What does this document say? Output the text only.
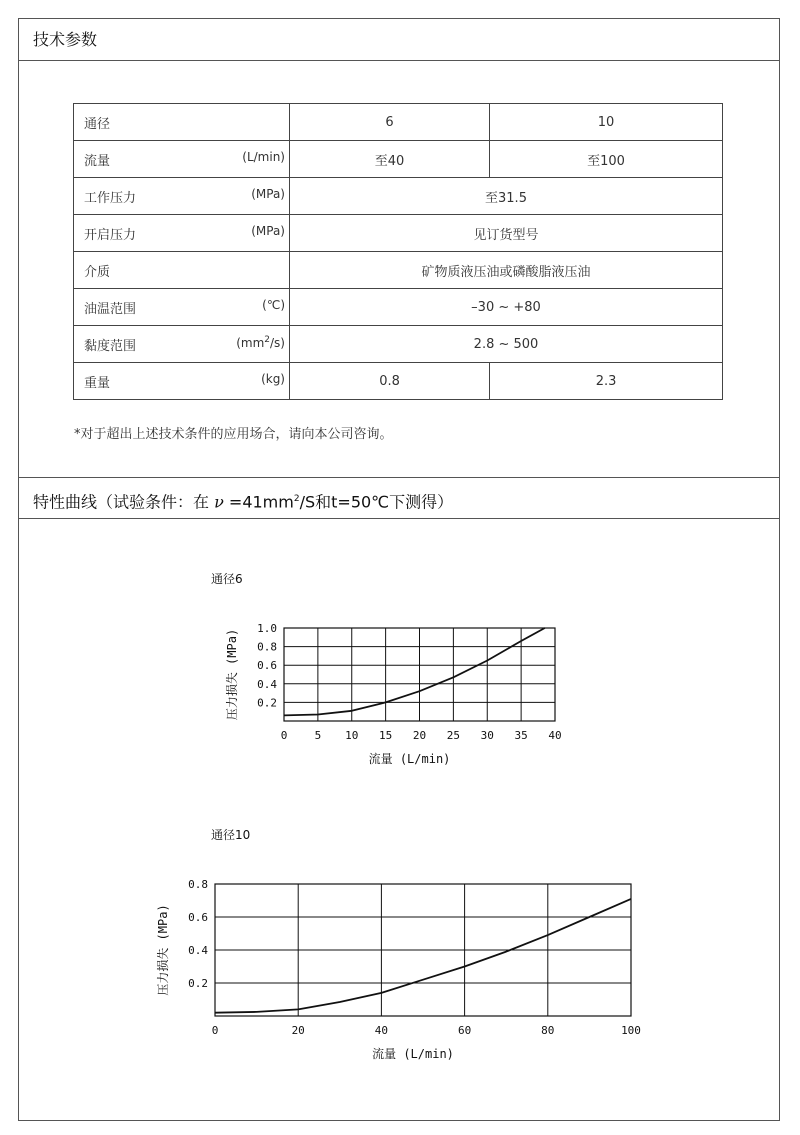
技术参数
通径	6	10

流量 (L/min)	至40	至100

工作压力 (MPa)	至31.5	

开启压力 (MPa)	见订货型号	

介质	矿物质液压油或磷酸脂液压油	

油温范围 (℃)	–30 ~ +80	

黏度范围 $(mm^2/s)$	2.8 ~ 500	

重量 (kg)	0.8	2.3
*对于超出上述技术条件的应用场合，请向本公司咨询。
特性曲线（试验条件：在 $\nu =41mm^2/S$和t=50℃下测得）
通径6
0 5 10 15 20 25 30 35 40
0.2
0.4
0.6
0.8
1.0
流量 (L/min)
压力损失 (MPa)
通径10
0	20	40	60	80	100
0.2
0.4
0.6
0.8
流量 (L/min)
压力损失 (MPa)
